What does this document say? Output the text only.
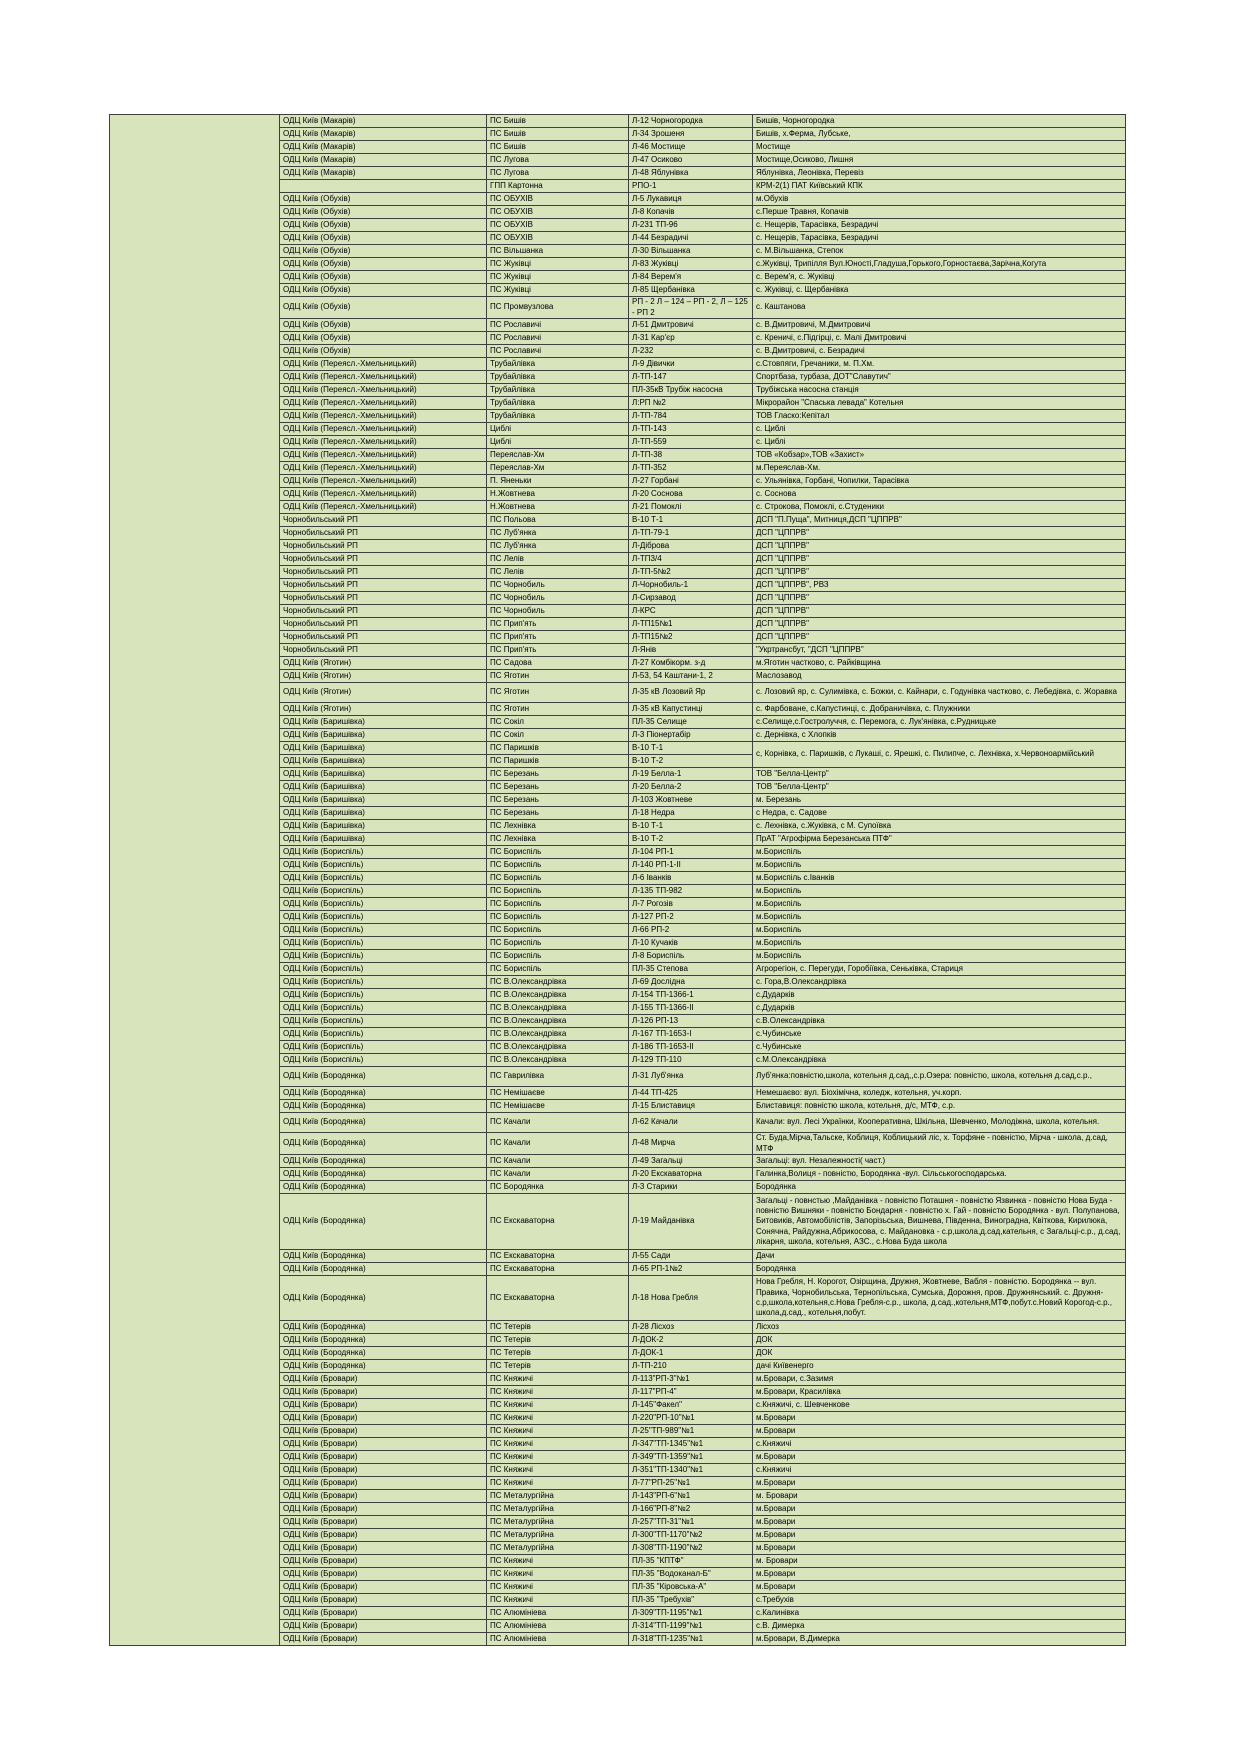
	ОДЦ Київ (Макарів)	ПС Бишів	Л-12 Чорногородка	Бишів, Чорногородка
	ОДЦ Київ (Макарів)	ПС Бишів	Л-34 Зрошеня	Бишів, х.Ферма, Лубське,
	ОДЦ Київ (Макарів)	ПС Бишів	Л-46 Мостище	Мостище
	ОДЦ Київ (Макарів)	ПС Лугова	Л-47 Осиково	Мостище,Осиково, Лишня
	ОДЦ Київ (Макарів)	ПС Лугова	Л-48 Яблунівка	Яблунівка, Леонівка, Перевіз
		ГПП Картонна	РПО-1	КРМ-2(1) ПАТ Київський КПК
	ОДЦ Київ (Обухів)	ПС ОБУХІВ	Л-5 Лукавиця	м.Обухів
	ОДЦ Київ (Обухів)	ПС ОБУХІВ	Л-8 Копачів	с.Перше Травня, Копачів
	ОДЦ Київ (Обухів)	ПС ОБУХІВ	Л-231 ТП-96	с. Нещерів, Тарасівка, Безрадичі
	ОДЦ Київ (Обухів)	ПС ОБУХІВ	Л-44 Безрадичі	с. Нещерів, Тарасівка, Безрадичі
	ОДЦ Київ (Обухів)	ПС Вільшанка	Л-30 Вільшанка	с. М.Вільшанка, Степок
	ОДЦ Київ (Обухів)	ПС Жуківці	Л-83 Жуківці	с.Жуківці, Трипілля Вул.Юності,Гладуша,Горького,Горностаєва,Зарічна,Когута
	ОДЦ Київ (Обухів)	ПС Жуківці	Л-84 Верем'я	с. Верем'я, с. Жуківці
	ОДЦ Київ (Обухів)	ПС Жуківці	Л-85 Щербанівка	с. Жуківці, с. Щербанівка
	ОДЦ Київ (Обухів)	ПС Промвузлова	РП - 2 Л – 124 – РП - 2, Л – 125 - РП 2	с. Каштанова
	ОДЦ Київ (Обухів)	ПС Рославичі	Л-51 Дмитровичі	с. В.Дмитровичі, М.Дмитровичі
	ОДЦ Київ (Обухів)	ПС Рославичі	Л-31 Кар'єр	с. Креничі, с.Підгірці, с. Малі Дмитровичі
	ОДЦ Київ (Обухів)	ПС Рославичі	Л-232	с. В.Дмитровичі, с. Безрадичі
	ОДЦ Київ (Переясл.-Хмельницький)	Трубайлівка	Л-9 Дівички	с.Стовпяги, Гречаники, м. П.Хм.
	ОДЦ Київ (Переясл.-Хмельницький)	Трубайлівка	Л-ТП-147	Спортбаза, турбаза, ДОТ"Славутич"
	ОДЦ Київ (Переясл.-Хмельницький)	Трубайлівка	ПЛ-35кВ Трубіж насосна	Трубіжська насосна станція
	ОДЦ Київ (Переясл.-Хмельницький)	Трубайлівка	Л:РП №2	Мікрорайон "Спаська левада" Котельня
	ОДЦ Київ (Переясл.-Хмельницький)	Трубайлівка	Л-ТП-784	ТОВ Гласко:Кепітал
	ОДЦ Київ (Переясл.-Хмельницький)	Циблі	Л-ТП-143	с. Циблі
	ОДЦ Київ (Переясл.-Хмельницький)	Циблі	Л-ТП-559	с. Циблі
	ОДЦ Київ (Переясл.-Хмельницький)	Переяслав-Хм	Л-ТП-38	ТОВ «Кобзар»,ТОВ «Захист»
	ОДЦ Київ (Переясл.-Хмельницький)	Переяслав-Хм	Л-ТП-352	м.Переяслав-Хм.
	ОДЦ Київ (Переясл.-Хмельницький)	П. Яненьки	Л-27 Горбані	с. Ульянівка, Горбані, Чопилки, Тарасівка
	ОДЦ Київ (Переясл.-Хмельницький)	Н.Жовтнева	Л-20 Соснова	с. Соснова
	ОДЦ Київ (Переясл.-Хмельницький)	Н.Жовтнева	Л-21 Помоклі	с. Строкова, Помоклі, с.Студеники
	Чорнобильський РП	ПС Польова	В-10 Т-1	ДСП "П.Пуща", Митниця,ДСП "ЦППРВ"
	Чорнобильський РП	ПС Луб'янка	Л-ТП-79-1	ДСП "ЦППРВ"
	Чорнобильський РП	ПС Луб'янка	Л-Діброва	ДСП "ЦППРВ"
	Чорнобильський РП	ПС Лелів	Л-ТП3/4	ДСП "ЦППРВ"
	Чорнобильський РП	ПС Лелів	Л-ТП-5№2	ДСП "ЦППРВ"
	Чорнобильський РП	ПС Чорнобиль	Л-Чорнобиль-1	ДСП "ЦППРВ", РВЗ
	Чорнобильський РП	ПС Чорнобиль	Л-Сирзавод	ДСП "ЦППРВ"
	Чорнобильський РП	ПС Чорнобиль	Л-КРС	ДСП "ЦППРВ"
	Чорнобильський РП	ПС Прип'ять	Л-ТП15№1	ДСП "ЦППРВ"
	Чорнобильський РП	ПС Прип'ять	Л-ТП15№2	ДСП "ЦППРВ"
	Чорнобильський РП	ПС Прип'ять	Л-Янів	"Укртрансбут, "ДСП "ЦППРВ"
	ОДЦ Київ (Яготин)	ПС Садова	Л-27 Комбікорм. з-д	м.Яготин частково, с. Райківщина
	ОДЦ Київ (Яготин)	ПС Яготин	Л-53, 54 Каштани-1, 2	Маслозавод
	ОДЦ Київ (Яготин)	ПС Яготин	Л-35 кВ Лозовий Яр	с. Лозовий яр, с. Сулимівка, с. Божки, с. Кайнари, с. Годунівка частково, с. Лебедівка, с. Жоравка
	ОДЦ Київ (Яготин)	ПС Яготин	Л-35 кВ Капустинці	с. Фарбоване, с.Капустинці, с. Добраничівка, с. Плужники
	ОДЦ Київ (Баришівка)	ПС Сокіл	ПЛ-35 Селище	с.Селище,с.Гостролуччя, с. Перемога, с. Лук'янівка, с.Рудницьке
	ОДЦ Київ (Баришівка)	ПС Сокіл	Л-3 Піонертабір	с. Дернівка, с Хлопків
	ОДЦ Київ (Баришівка)	ПС Паришків	В-10 Т-1	с, Корнівка, с. Паришків, с Лукаші, с. Ярешкі, с. Пилипче, с. Лехнівка, х.Червоноармійський
	ОДЦ Київ (Баришівка)	ПС Паришків	В-10 Т-2	
	ОДЦ Київ (Баришівка)	ПС Березань	Л-19 Белла-1	ТОВ "Белла-Центр"
	ОДЦ Київ (Баришівка)	ПС Березань	Л-20 Белла-2	ТОВ "Белла-Центр"
	ОДЦ Київ (Баришівка)	ПС Березань	Л-103 Жовтневе	м. Березань
	ОДЦ Київ (Баришівка)	ПС Березань	Л-18 Недра	с Недра, с. Садове
	ОДЦ Київ (Баришівка)	ПС Лехнівка	В-10 Т-1	с. Лехнівка, с.Жуківка, с М. Супоївка
	ОДЦ Київ (Баришівка)	ПС Лехнівка	В-10 Т-2	ПрАТ "Агрофірма Березанська ПТФ"
	ОДЦ Київ (Бориспіль)	ПС Бориспіль	Л-104 РП-1	м.Бориспіль
	ОДЦ Київ (Бориспіль)	ПС Бориспіль	Л-140 РП-1-ІІ	м.Бориспіль
	ОДЦ Київ (Бориспіль)	ПС Бориспіль	Л-6 Іванків	м.Бориспіль с.Іванків
	ОДЦ Київ (Бориспіль)	ПС Бориспіль	Л-135 ТП-982	м.Бориспіль
	ОДЦ Київ (Бориспіль)	ПС Бориспіль	Л-7 Рогозів	м.Бориспіль
	ОДЦ Київ (Бориспіль)	ПС Бориспіль	Л-127 РП-2	м.Бориспіль
	ОДЦ Київ (Бориспіль)	ПС Бориспіль	Л-66 РП-2	м.Бориспіль
	ОДЦ Київ (Бориспіль)	ПС Бориспіль	Л-10 Кучаків	м.Бориспіль
	ОДЦ Київ (Бориспіль)	ПС Бориспіль	Л-8 Бориспіль	м.Бориспіль
	ОДЦ Київ (Бориспіль)	ПС Бориспіль	ПЛ-35 Степова	Агрорегіон, с. Перегуди, Горобіївка, Сеньківка, Стариця
	ОДЦ Київ (Бориспіль)	ПС В.Олександрівка	Л-69 Дослідна	с. Гора,В.Олександрівка
	ОДЦ Київ (Бориспіль)	ПС В.Олександрівка	Л-154 ТП-1366-1	с.Дударків
	ОДЦ Київ (Бориспіль)	ПС В.Олександрівка	Л-155 ТП-1366-ІІ	с.Дударків
	ОДЦ Київ (Бориспіль)	ПС В.Олександрівка	Л-126 РП-13	с.В.Олександрівка
	ОДЦ Київ (Бориспіль)	ПС В.Олександрівка	Л-167 ТП-1653-І	с.Чубинське
	ОДЦ Київ (Бориспіль)	ПС В.Олександрівка	Л-186 ТП-1653-ІІ	с.Чубинське
	ОДЦ Київ (Бориспіль)	ПС В.Олександрівка	Л-129 ТП-110	с.М.Олександрівка
	ОДЦ Київ (Бородянка)	ПС Гаврилівка	Л-31 Луб'янка	Луб'янка:повністю,школа, котельня д.сад,,с.р.Озера: повністю, школа, котельня д.сад,с.р.,
	ОДЦ Київ (Бородянка)	ПС Немішаєве	Л-44 ТП-425	Немешаєво: вул. Біохімічна, коледж, котельня, уч.корп.
	ОДЦ Київ (Бородянка)	ПС Немішаєве	Л-15 Блиставиця	Блиставиця: повністю школа, котельня, д/с, МТФ, с.р.
	ОДЦ Київ (Бородянка)	ПС Качали	Л-62 Качали	Качали: вул. Лесі Українки, Кооперативна, Шкільна, Шевченко, Молодіжна, школа, котельня.
	ОДЦ Київ (Бородянка)	ПС Качали	Л-48 Мирча	Ст. Буда,Мірча,Тальске, Коблиця, Коблицький ліс, х. Торфяне - повністю, Мірча - школа, д.сад, МТФ
	ОДЦ Київ (Бородянка)	ПС Качали	Л-49 Загальці	Загальці: вул. Незалежності( част.)
	ОДЦ Київ (Бородянка)	ПС Качали	Л-20 Екскаваторна	Галинка,Волиця - повністю, Бородянка -вул. Сільськогосподарська.
	ОДЦ Київ (Бородянка)	ПС Бородянка	Л-3 Старики	Бородянка
	ОДЦ Київ (Бородянка)	ПС Екскаваторна	Л-19 Майданівка	Загальці - повнстью ,Майданівка - повністю Поташня - повністю Язвинка - повністю Нова Буда - повністю Вишняки - повністю Бондарня - повністю х. Гай - повністю Бородянка - вул. Полупанова, Битовиків, Автомобілістів, Запорізьська, Вишнева, Південна, Виноградна, Квіткова, Кирилюка, Сонячна, Райдужна,Абрикосова, с. Майдановка - с.р,школа,д.сад,кательня, с Загальці-с.р., д.сад, лікарня, школа, котельня, АЗС., с.Нова Буда школа
	ОДЦ Київ (Бородянка)	ПС Екскаваторна	Л-55 Сади	Дачи
	ОДЦ Київ (Бородянка)	ПС Екскаваторна	Л-65 РП-1№2	Бородянка
	ОДЦ Київ (Бородянка)	ПС Екскаваторна	Л-18 Нова Гребля	Нова Гребля, Н. Корогот, Озірщина, Дружня, Жовтневе, Вабля - повністю. Бородянка -- вул. Правика, Чорнобильська, Тернопільська, Сумська, Дорожня, пров. Дружнянський. с. Дружня-с.р,школа,котельня,с.Нова Гребля-с.р., школа, д.сад.,котельня,МТФ,побут.с.Новий Корогод-с.р., школа,д.сад., котельня,побут.
	ОДЦ Київ (Бородянка)	ПС Тетерів	Л-28 Лісхоз	Лісхоз
	ОДЦ Київ (Бородянка)	ПС Тетерів	Л-ДОК-2	ДОК
	ОДЦ Київ (Бородянка)	ПС Тетерів	Л-ДОК-1	ДОК
	ОДЦ Київ (Бородянка)	ПС Тетерів	Л-ТП-210	дачі Київенерго
	ОДЦ Київ (Бровари)	ПС Княжичі	Л-113"РП-3"№1	м.Бровари, с.Зазимя
	ОДЦ Київ (Бровари)	ПС Княжичі	Л-117"РП-4"	м.Бровари, Красилівка
	ОДЦ Київ (Бровари)	ПС Княжичі	Л-145"Факел"	с.Княжичі, с. Шевченкове
	ОДЦ Київ (Бровари)	ПС Княжичі	Л-220"РП-10"№1	м.Бровари
	ОДЦ Київ (Бровари)	ПС Княжичі	Л-25"ТП-989"№1	м.Бровари
	ОДЦ Київ (Бровари)	ПС Княжичі	Л-347"ТП-1345"№1	с.Княжичі
	ОДЦ Київ (Бровари)	ПС Княжичі	Л-349"ТП-1359"№1	м.Бровари
	ОДЦ Київ (Бровари)	ПС Княжичі	Л-351"ТП-1340"№1	с.Княжичі
	ОДЦ Київ (Бровари)	ПС Княжичі	Л-77"РП-25"№1	м.Бровари
	ОДЦ Київ (Бровари)	ПС Металургійна	Л-143"РП-6"№1	м. Бровари
	ОДЦ Київ (Бровари)	ПС Металургійна	Л-166"РП-8"№2	м.Бровари
	ОДЦ Київ (Бровари)	ПС Металургійна	Л-257"ТП-31"№1	м.Бровари
	ОДЦ Київ (Бровари)	ПС Металургійна	Л-300"ТП-1170"№2	м.Бровари
	ОДЦ Київ (Бровари)	ПС Металургійна	Л-308"ТП-1190"№2	м.Бровари
	ОДЦ Київ (Бровари)	ПС Княжичі	ПЛ-35 "КПТФ"	м. Бровари
	ОДЦ Київ (Бровари)	ПС Княжичі	ПЛ-35 "Водоканал-Б"	м.Бровари
	ОДЦ Київ (Бровари)	ПС Княжичі	ПЛ-35 "Кіровська-А"	м.Бровари
	ОДЦ Київ (Бровари)	ПС Княжичі	ПЛ-35 "Требухів"	с.Требухів
	ОДЦ Київ (Бровари)	ПС Алюмініева	Л-309"ТП-1195"№1	с.Калинівка
	ОДЦ Київ (Бровари)	ПС Алюмініева	Л-314"ТП-1199"№1	с.В. Димерка
	ОДЦ Київ (Бровари)	ПС Алюмініева	Л-318"ТП-1235"№1	м.Бровари, В.Димерка
